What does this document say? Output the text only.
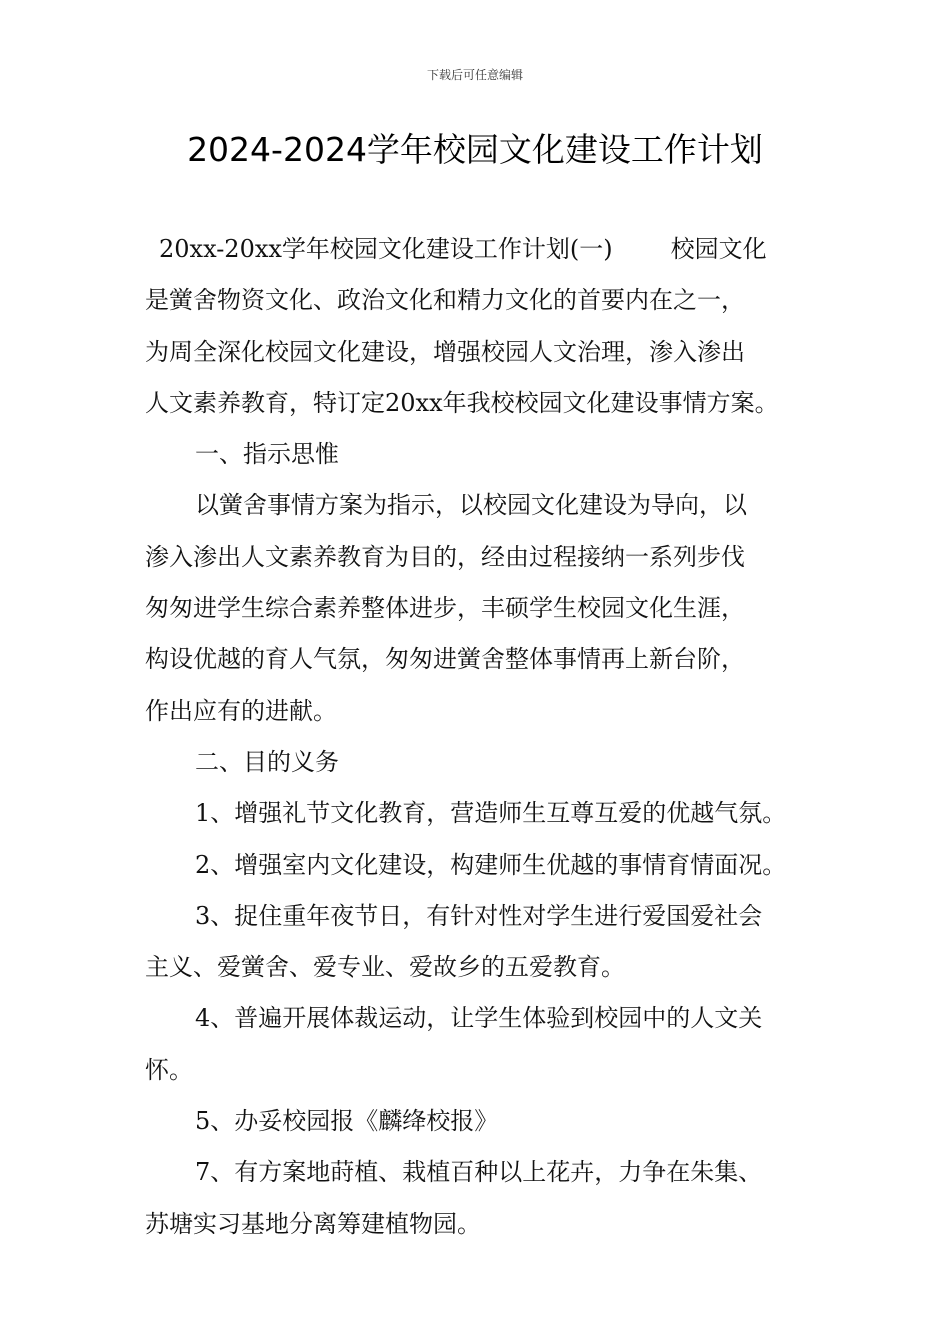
下载后可任意编辑
2024-2024学年校园文化建设工作计划
20xx-20xx学年校园文化建设工作计划(一) 校园文化
是黉舍物资文化、政治文化和精力文化的首要内在之一，
为周全深化校园文化建设，增强校园人文治理，渗入渗出
人文素养教育，特订定20xx年我校校园文化建设事情方案。
一、指示思惟
以黉舍事情方案为指示，以校园文化建设为导向，以
渗入渗出人文素养教育为目的，经由过程接纳一系列步伐
匆匆进学生综合素养整体进步，丰硕学生校园文化生涯，
构设优越的育人气氛，匆匆进黉舍整体事情再上新台阶，
作出应有的进献。
二、目的义务
1、增强礼节文化教育，营造师生互尊互爱的优越气氛。
2、增强室内文化建设，构建师生优越的事情育情面况。
3、捉住重年夜节日，有针对性对学生进行爱国爱社会
主义、爱黉舍、爱专业、爱故乡的五爱教育。
4、普遍开展体裁运动，让学生体验到校园中的人文关
怀。
5、办妥校园报《麟绛校报》
7、有方案地莳植、栽植百种以上花卉，力争在朱集、
苏塘实习基地分离筹建植物园。
